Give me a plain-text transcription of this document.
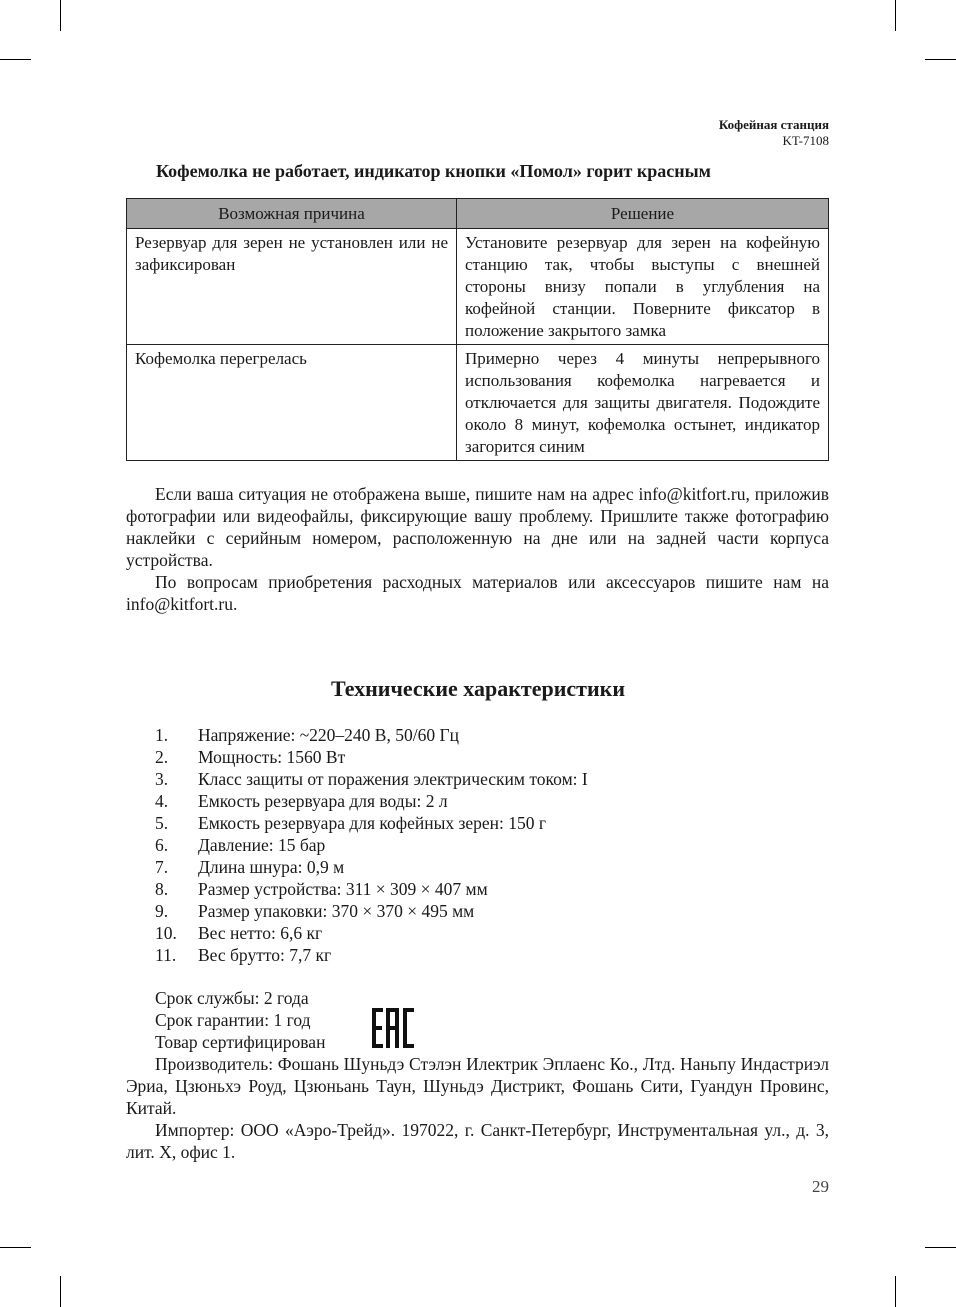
Кофейная станция
KT-7108
Кофемолка не работает, индикатор кнопки «Помол» горит красным
Возможная причина	Решение
Резервуар для зерен не установлен или не зафиксирован	Установите резервуар для зерен на кофейную станцию так, чтобы выступы с внешней стороны внизу попали в углубления на кофейной станции. Поверните фиксатор в положение закрытого замка
Кофемолка перегрелась	Примерно через 4 минуты непрерывного использования кофемолка нагревается и отключается для защиты двигателя. Подождите около 8 минут, кофемолка остынет, индикатор загорится синим

Если ваша ситуация не отображена выше, пишите нам на адрес info@kitfort.ru, приложив фотографии или видеофайлы, фиксирующие вашу проблему. Пришлите также фотографию наклейки с серийным номером, расположенную на дне или на задней части корпуса устройства.

По вопросам приобретения расходных материалов или аксессуаров пишите нам на info@kitfort.ru.

Технические характеристики
1. Напряжение: ~220–240 В, 50/60 Гц
2. Мощность: 1560 Вт
3. Класс защиты от поражения электрическим током: I
4. Емкость резервуара для воды: 2 л
5. Емкость резервуара для кофейных зерен: 150 г
6. Давление: 15 бар
7. Длина шнура: 0,9 м
8. Размер устройства: 311 × 309 × 407 мм
9. Размер упаковки: 370 × 370 × 495 мм
10. Вес нетто: 6,6 кг
11. Вес брутто: 7,7 кг
Срок службы: 2 года
Срок гарантии: 1 год
Товар сертифицирован

Производитель: Фошань Шуньдэ Стэлэн Илектрик Эплаенс Ко., Лтд. Наньпу Индастриэл Эриа, Цзюньхэ Роуд, Цзюньань Таун, Шуньдэ Дистрикт, Фошань Сити, Гуандун Провинс, Китай.

Импортер: ООО «Аэро-Трейд». 197022, г. Санкт-Петербург, Инструментальная ул., д. 3, лит. Х, офис 1.

29
